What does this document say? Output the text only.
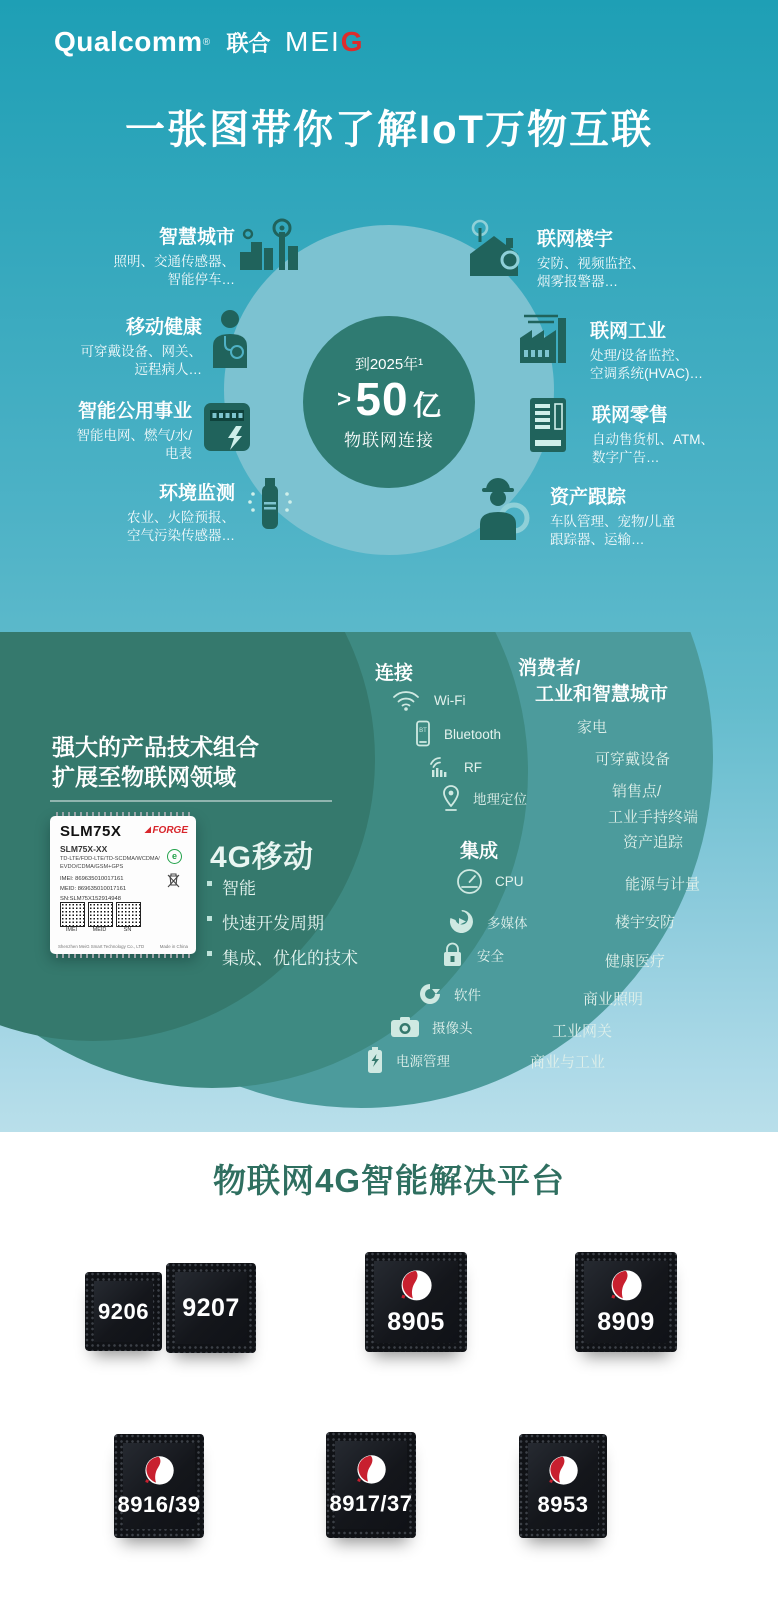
Qualcomm® 联合 MEIG
一张图带你了解IoT万物互联
到2025年¹
> 50 亿
物联网连接

智慧城市

照明、交通传感器、
智能停车…

移动健康

可穿戴设备、网关、
远程病人…

智能公用事业

智能电网、燃气/水/
电表

环境监测

农业、火险预报、
空气污染传感器…

联网楼宇

安防、视频监控、
烟雾报警器…

联网工业

处理/设备监控、
空调系统(HVAC)…

联网零售

自动售货机、ATM、
数字广告…

资产跟踪

车队管理、宠物/儿童
跟踪器、运输…

强大的产品技术组合
扩展至物联网领域
SLM75X	FORGE
SLM75X-XX
TD-LTE/FDD-LTE/TD-SCDMA/WCDMA/
EVDO/CDMA/GSM+GPS
e
IMEI: 869635010017161
MEID: 869635010017161
SN:SLM75X152914948
IMEI	MEID	SN
Shenzhen MeiG Smart Technology Co., LTD	Made in China
4G移动
智能
快速开发周期
集成、优化的技术
连接
Wi-Fi
BT Bluetooth
RF
地理定位
集成
CPU
多媒体
安全
软件
摄像头
电源管理
消费者/
工业和智慧城市
家电
可穿戴设备
销售点/
工业手持终端
资产追踪
能源与计量
楼宇安防
健康医疗
商业照明
工业网关
商业与工业
物联网4G智能解决平台
9206 9207	8905	8909
8916/39	8917/37	8953
